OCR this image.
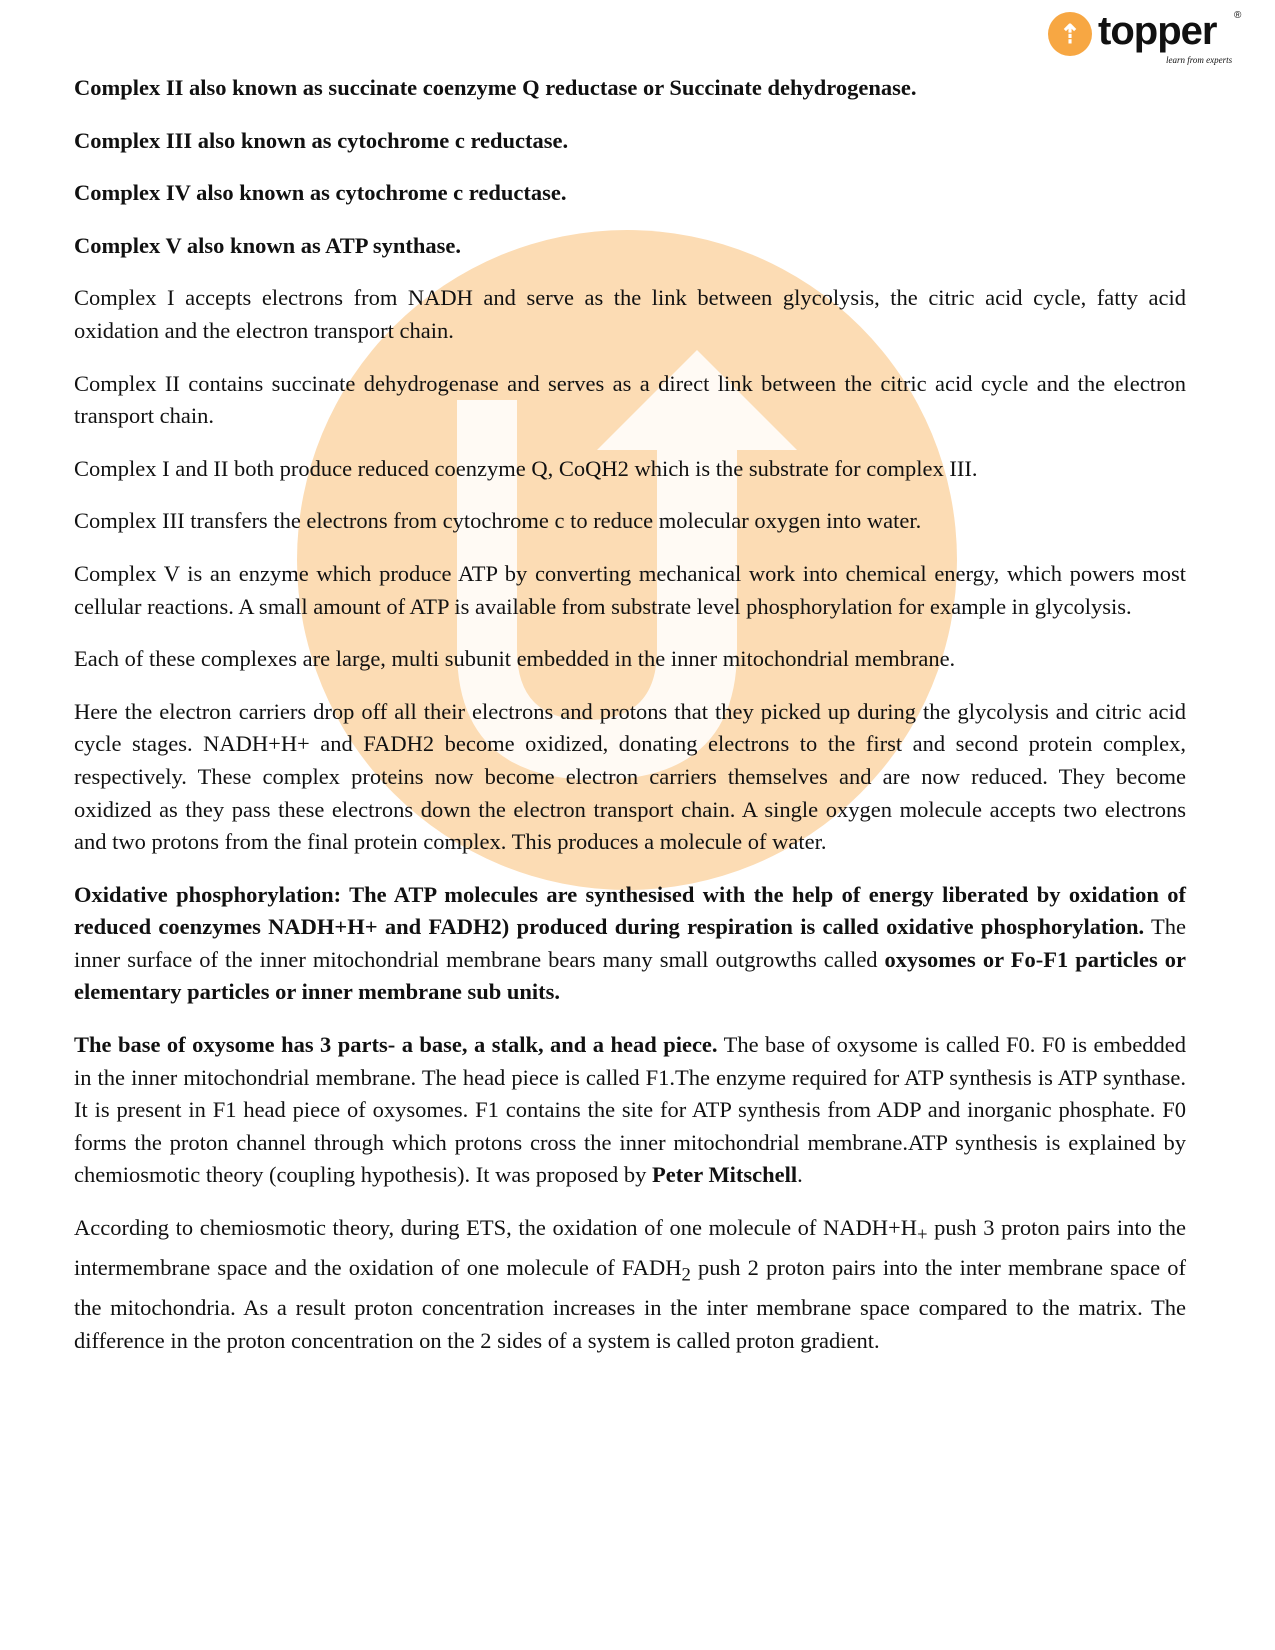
⇡ topper
learn from experts
®

Complex II also known as succinate coenzyme Q reductase or Succinate dehydrogenase.

Complex III also known as cytochrome c reductase.

Complex IV also known as cytochrome c reductase.

Complex V also known as ATP synthase.

Complex I accepts electrons from NADH and serve as the link between glycolysis, the citric acid cycle, fatty acid oxidation and the electron transport chain.

Complex II contains succinate dehydrogenase and serves as a direct link between the citric acid cycle and the electron transport chain.

Complex I and II both produce reduced coenzyme Q, CoQH2 which is the substrate for complex III.

Complex III transfers the electrons from cytochrome c to reduce molecular oxygen into water.

Complex V is an enzyme which produce ATP by converting mechanical work into chemical energy, which powers most cellular reactions. A small amount of ATP is available from substrate level phosphorylation for example in glycolysis.

Each of these complexes are large, multi subunit embedded in the inner mitochondrial membrane.

Here the electron carriers drop off all their electrons and protons that they picked up during the glycolysis and citric acid cycle stages. NADH+H+ and FADH2 become oxidized, donating electrons to the first and second protein complex, respectively. These complex proteins now become electron carriers themselves and are now reduced. They become oxidized as they pass these electrons down the electron transport chain. A single oxygen molecule accepts two electrons and two protons from the final protein complex. This produces a molecule of water.

Oxidative phosphorylation: The ATP molecules are synthesised with the help of energy liberated by oxidation of reduced coenzymes NADH+H+ and FADH2) produced during respiration is called oxidative phosphorylation. The inner surface of the inner mitochondrial membrane bears many small outgrowths called oxysomes or Fo-F1 particles or elementary particles or inner membrane sub units.

The base of oxysome has 3 parts- a base, a stalk, and a head piece. The base of oxysome is called F0. F0 is embedded in the inner mitochondrial membrane. The head piece is called F1.The enzyme required for ATP synthesis is ATP synthase. It is present in F1 head piece of oxysomes. F1 contains the site for ATP synthesis from ADP and inorganic phosphate. F0 forms the proton channel through which protons cross the inner mitochondrial membrane.ATP synthesis is explained by chemiosmotic theory (coupling hypothesis). It was proposed by Peter Mitschell.

According to chemiosmotic theory, during ETS, the oxidation of one molecule of $NADH+H_+$ push 3 proton pairs into the intermembrane space and the oxidation of one molecule of $FADH_2$ push 2 proton pairs into the inter membrane space of the mitochondria. As a result proton concentration increases in the inter membrane space compared to the matrix. The difference in the proton concentration on the 2 sides of a system is called proton gradient.
